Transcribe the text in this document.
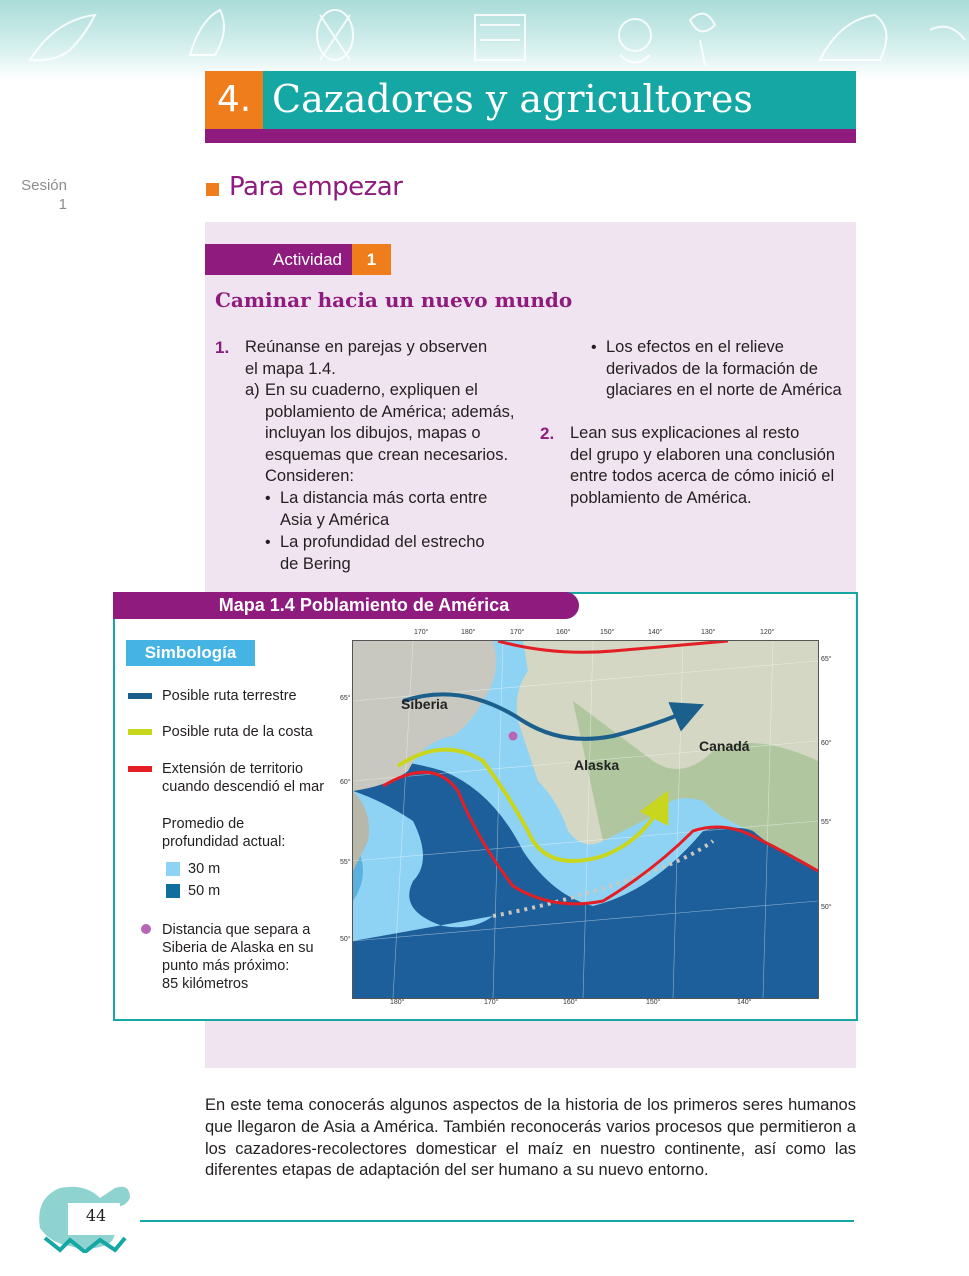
4. Cazadores y agricultores
Sesión
1
Para empezar
Actividad	1
Caminar hacia un nuevo mundo
1. Reúnanse en parejas y observen
el mapa 1.4.
a) En su cuaderno, expliquen el
poblamiento de América; además,
incluyan los dibujos, mapas o
esquemas que crean necesarios.
Consideren:
• La distancia más corta entre
Asia y América
• La profundidad del estrecho
de Bering
• Los efectos en el relieve
derivados de la formación de
glaciares en el norte de América
2. Lean sus explicaciones al resto
del grupo y elaboren una conclusión
entre todos acerca de cómo inició el
poblamiento de América.
Mapa 1.4 Poblamiento de América
Simbología
Posible ruta terrestre
Posible ruta de la costa
Extensión de territorio
cuando descendió el mar
Promedio de
profundidad actual:
30 m
50 m
Distancia que separa a
Siberia de Alaska en su
punto más próximo:
85 kilómetros
170°	180°	170°	160°	150°	140°	130°	120°
180°	170°	160°	150°	140°
65°
60°
55°
50°
65°
60°
55°
50°
Siberia
Alaska
Canadá
En este tema conocerás algunos aspectos de la historia de los primeros seres humanos que llegaron de Asia a América. También reconocerás varios procesos que permitieron a los cazadores-recolectores domesticar el maíz en nuestro continente, así como las diferentes etapas de adaptación del ser humano a su nuevo entorno.
44
